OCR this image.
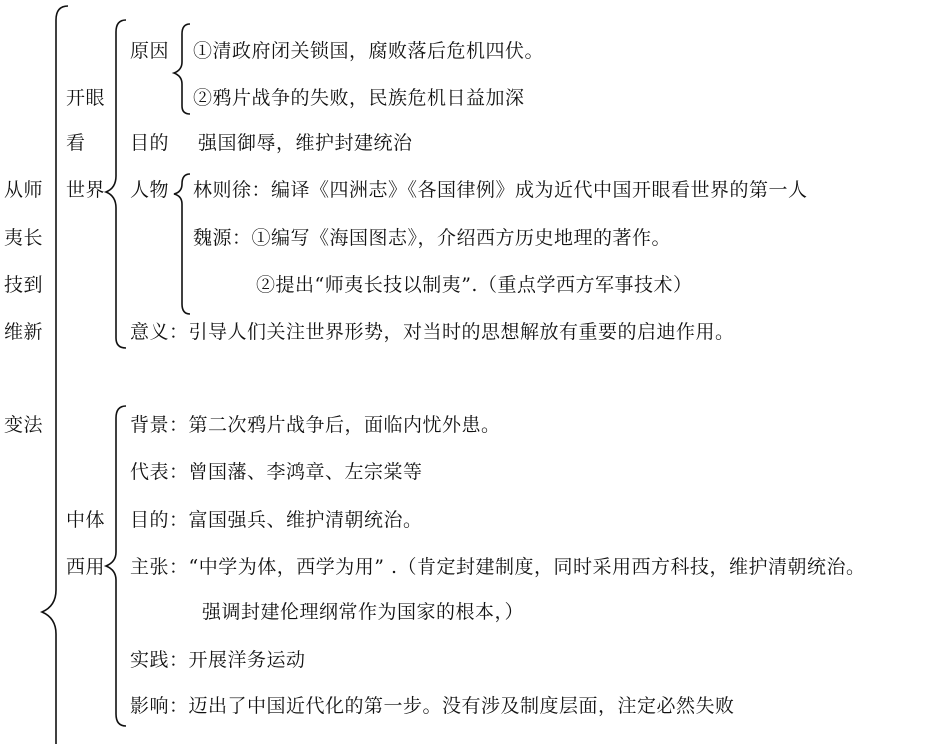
从师
夷长
技到
维新
变法
开眼
看
世界
原因 ①清政府闭关锁国，腐败落后危机四伏。
②鸦片战争的失败，民族危机日益加深
目的 强国御辱，维护封建统治
人物 林则徐：编译《四洲志》《各国律例》成为近代中国开眼看世界的第一人
魏源：①编写《海国图志》，介绍西方历史地理的著作。
②提出“师夷长技以制夷”.（重点学西方军事技术）
意义：引导人们关注世界形势，对当时的思想解放有重要的启迪作用。
中体
西用
背景：第二次鸦片战争后，面临内忧外患。
代表：曾国藩、李鸿章、左宗棠等
目的：富国强兵、维护清朝统治。
主张：“中学为体，西学为用” .（肯定封建制度，同时采用西方科技，维护清朝统治。
强调封建伦理纲常作为国家的根本，）
实践：开展洋务运动
影响：迈出了中国近代化的第一步。没有涉及制度层面，注定必然失败
